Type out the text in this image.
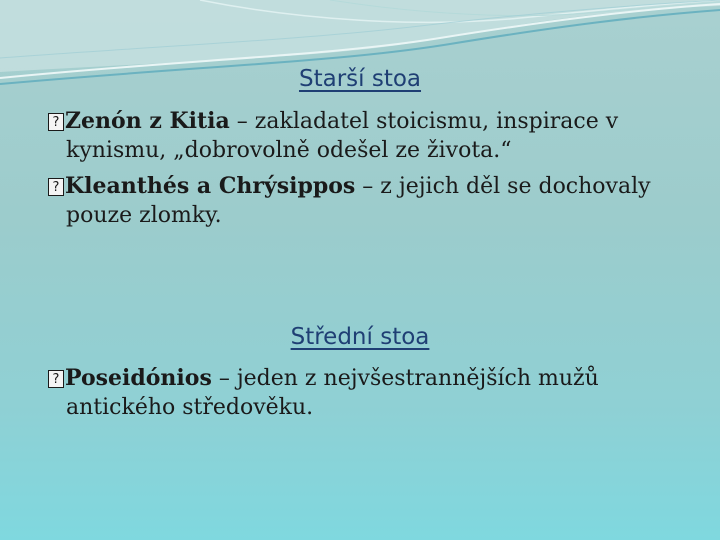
Starší stoa
?
Zenón z Kitia – zakladatel stoicismu, inspirace v
kynismu, „dobrovolně odešel ze života.“
?
Kleanthés a Chrýsippos – z jejich děl se dochovaly
pouze zlomky.
Střední stoa
?
Poseidónios – jeden z nejvšestrannějších mužů
antického středověku.
